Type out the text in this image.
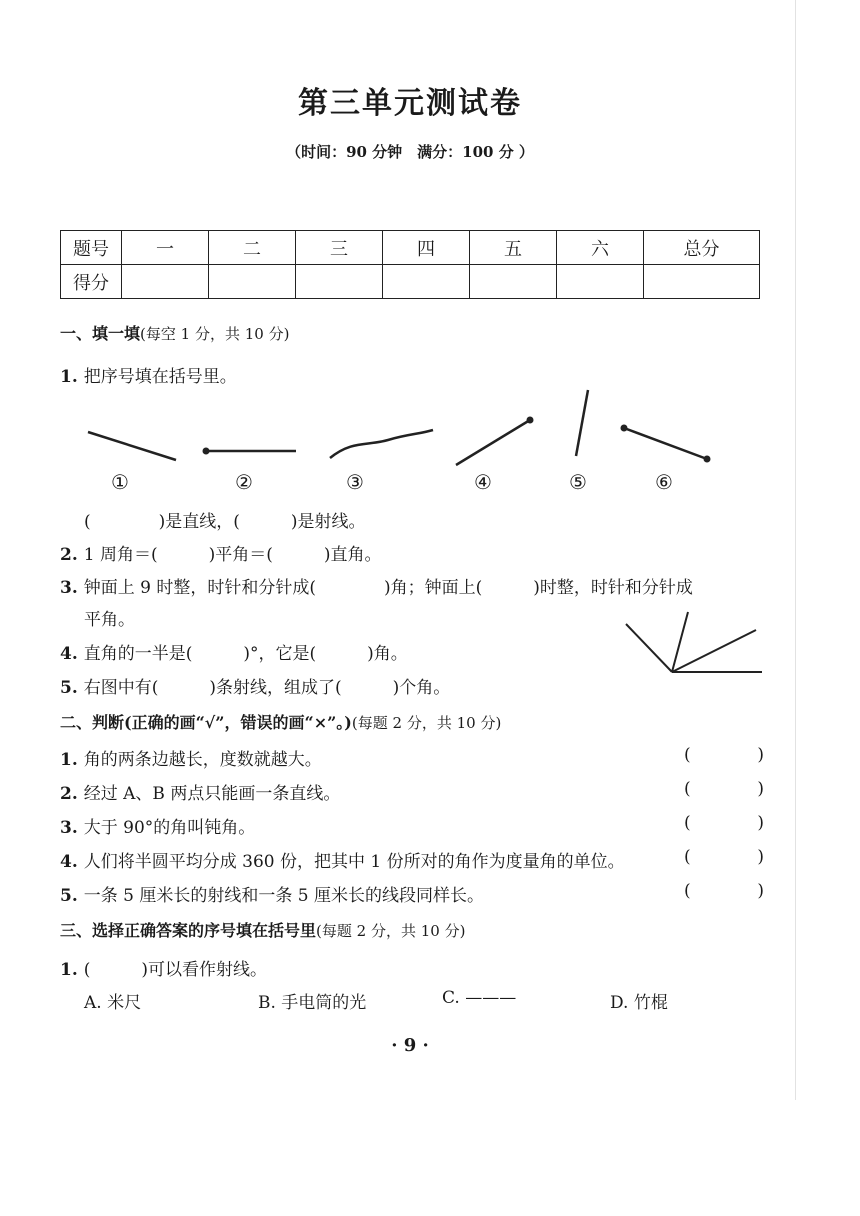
第三单元测试卷
（时间：90 分钟　满分：100 分 ）
题号	一	二	三	四	五	六	总分
得分							
一、填一填(每空 1 分，共 10 分)
1. 把序号填在括号里。
①	②	③	④	⑤	⑥
(　　　　)是直线，(　　　)是射线。
2. 1 周角＝(　　　)平角＝(　　　)直角。
3. 钟面上 9 时整，时针和分针成(　　　　)角；钟面上(　　　)时整，时针和分针成
平角。
4. 直角的一半是(　　　)°，它是(　　　)角。
5. 右图中有(　　　)条射线，组成了(　　　)个角。
二、判断(正确的画“√”，错误的画“×”。)(每题 2 分，共 10 分)
1. 角的两条边越长，度数就越大。	(	)
2. 经过 A、B 两点只能画一条直线。	(	)
3. 大于 90°的角叫钝角。	(	)
4. 人们将半圆平均分成 360 份，把其中 1 份所对的角作为度量角的单位。	(	)
5. 一条 5 厘米长的射线和一条 5 厘米长的线段同样长。	(	)
三、选择正确答案的序号填在括号里(每题 2 分，共 10 分)
1. (　　　)可以看作射线。
A. 米尺	B. 手电筒的光	C. ———	D. 竹棍
· 9 ·
